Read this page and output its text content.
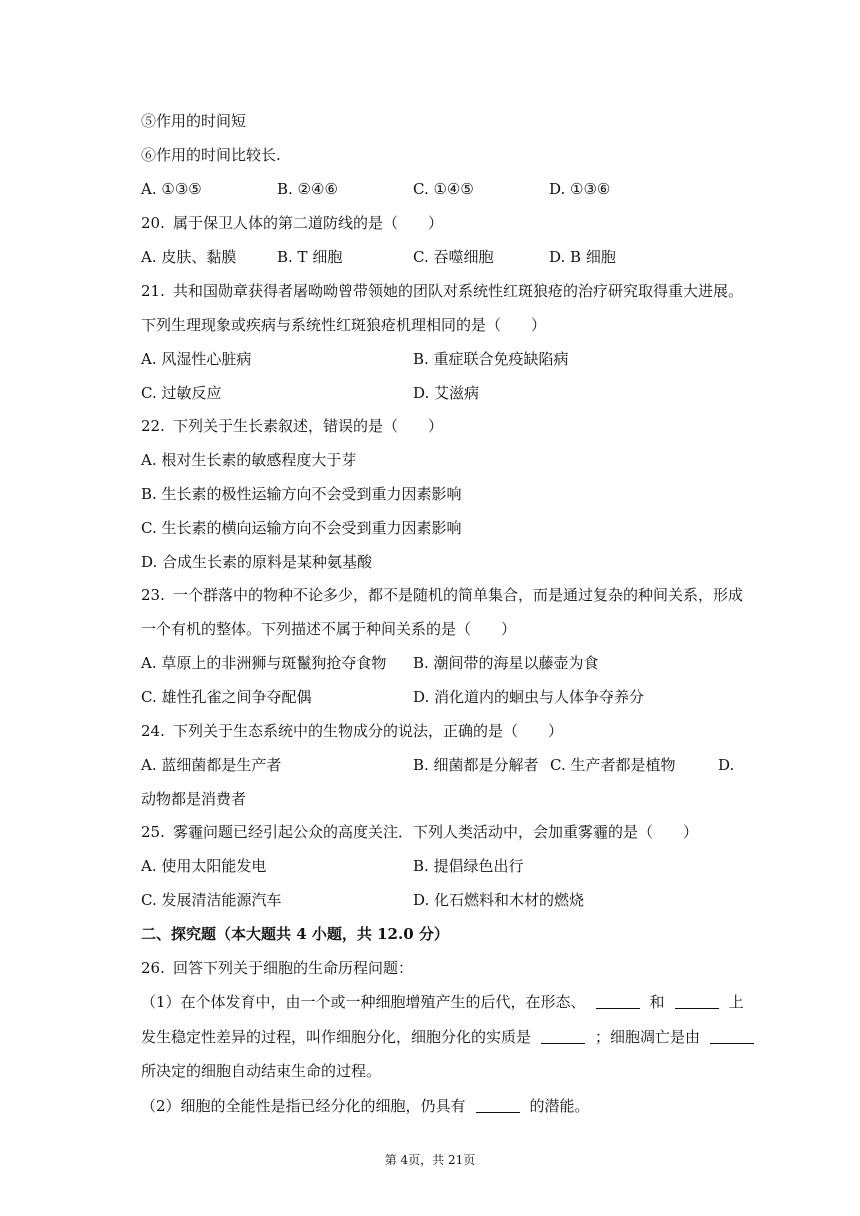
⑤作用的时间短
⑥作用的时间比较长.
A. ①③⑤	B. ②④⑥	C. ①④⑤	D. ①③⑥
20. 属于保卫人体的第二道防线的是（　　）
A. 皮肤、黏膜	B. T 细胞	C. 吞噬细胞	D. B 细胞
21. 共和国勋章获得者屠呦呦曾带领她的团队对系统性红斑狼疮的治疗研究取得重大进展。
下列生理现象或疾病与系统性红斑狼疮机理相同的是（　　）
A. 风湿性心脏病	B. 重症联合免疫缺陷病
C. 过敏反应	D. 艾滋病
22. 下列关于生长素叙述，错误的是（　　）
A. 根对生长素的敏感程度大于芽
B. 生长素的极性运输方向不会受到重力因素影响
C. 生长素的横向运输方向不会受到重力因素影响
D. 合成生长素的原料是某种氨基酸
23. 一个群落中的物种不论多少，都不是随机的简单集合，而是通过复杂的种间关系，形成
一个有机的整体。下列描述不属于种间关系的是（　　）
A. 草原上的非洲狮与斑鬣狗抢夺食物 B. 潮间带的海星以藤壶为食
C. 雄性孔雀之间争夺配偶	D. 消化道内的蛔虫与人体争夺养分
24. 下列关于生态系统中的生物成分的说法，正确的是（　　）
A. 蓝细菌都是生产者	B. 细菌都是分解者 C. 生产者都是植物	D.
动物都是消费者
25. 雾霾问题已经引起公众的高度关注．下列人类活动中，会加重雾霾的是（　　）
A. 使用太阳能发电	B. 提倡绿色出行
C. 发展清洁能源汽车	D. 化石燃料和木材的燃烧
二、探究题（本大题共 4 小题，共 12.0 分）
26. 回答下列关于细胞的生命历程问题：
（1）在个体发育中，由一个或一种细胞增殖产生的后代，在形态、	和	上
发生稳定性差异的过程，叫作细胞分化，细胞分化的实质是	；细胞凋亡是由
所决定的细胞自动结束生命的过程。
（2）细胞的全能性是指已经分化的细胞，仍具有	的潜能。
第 4页，共 21页
